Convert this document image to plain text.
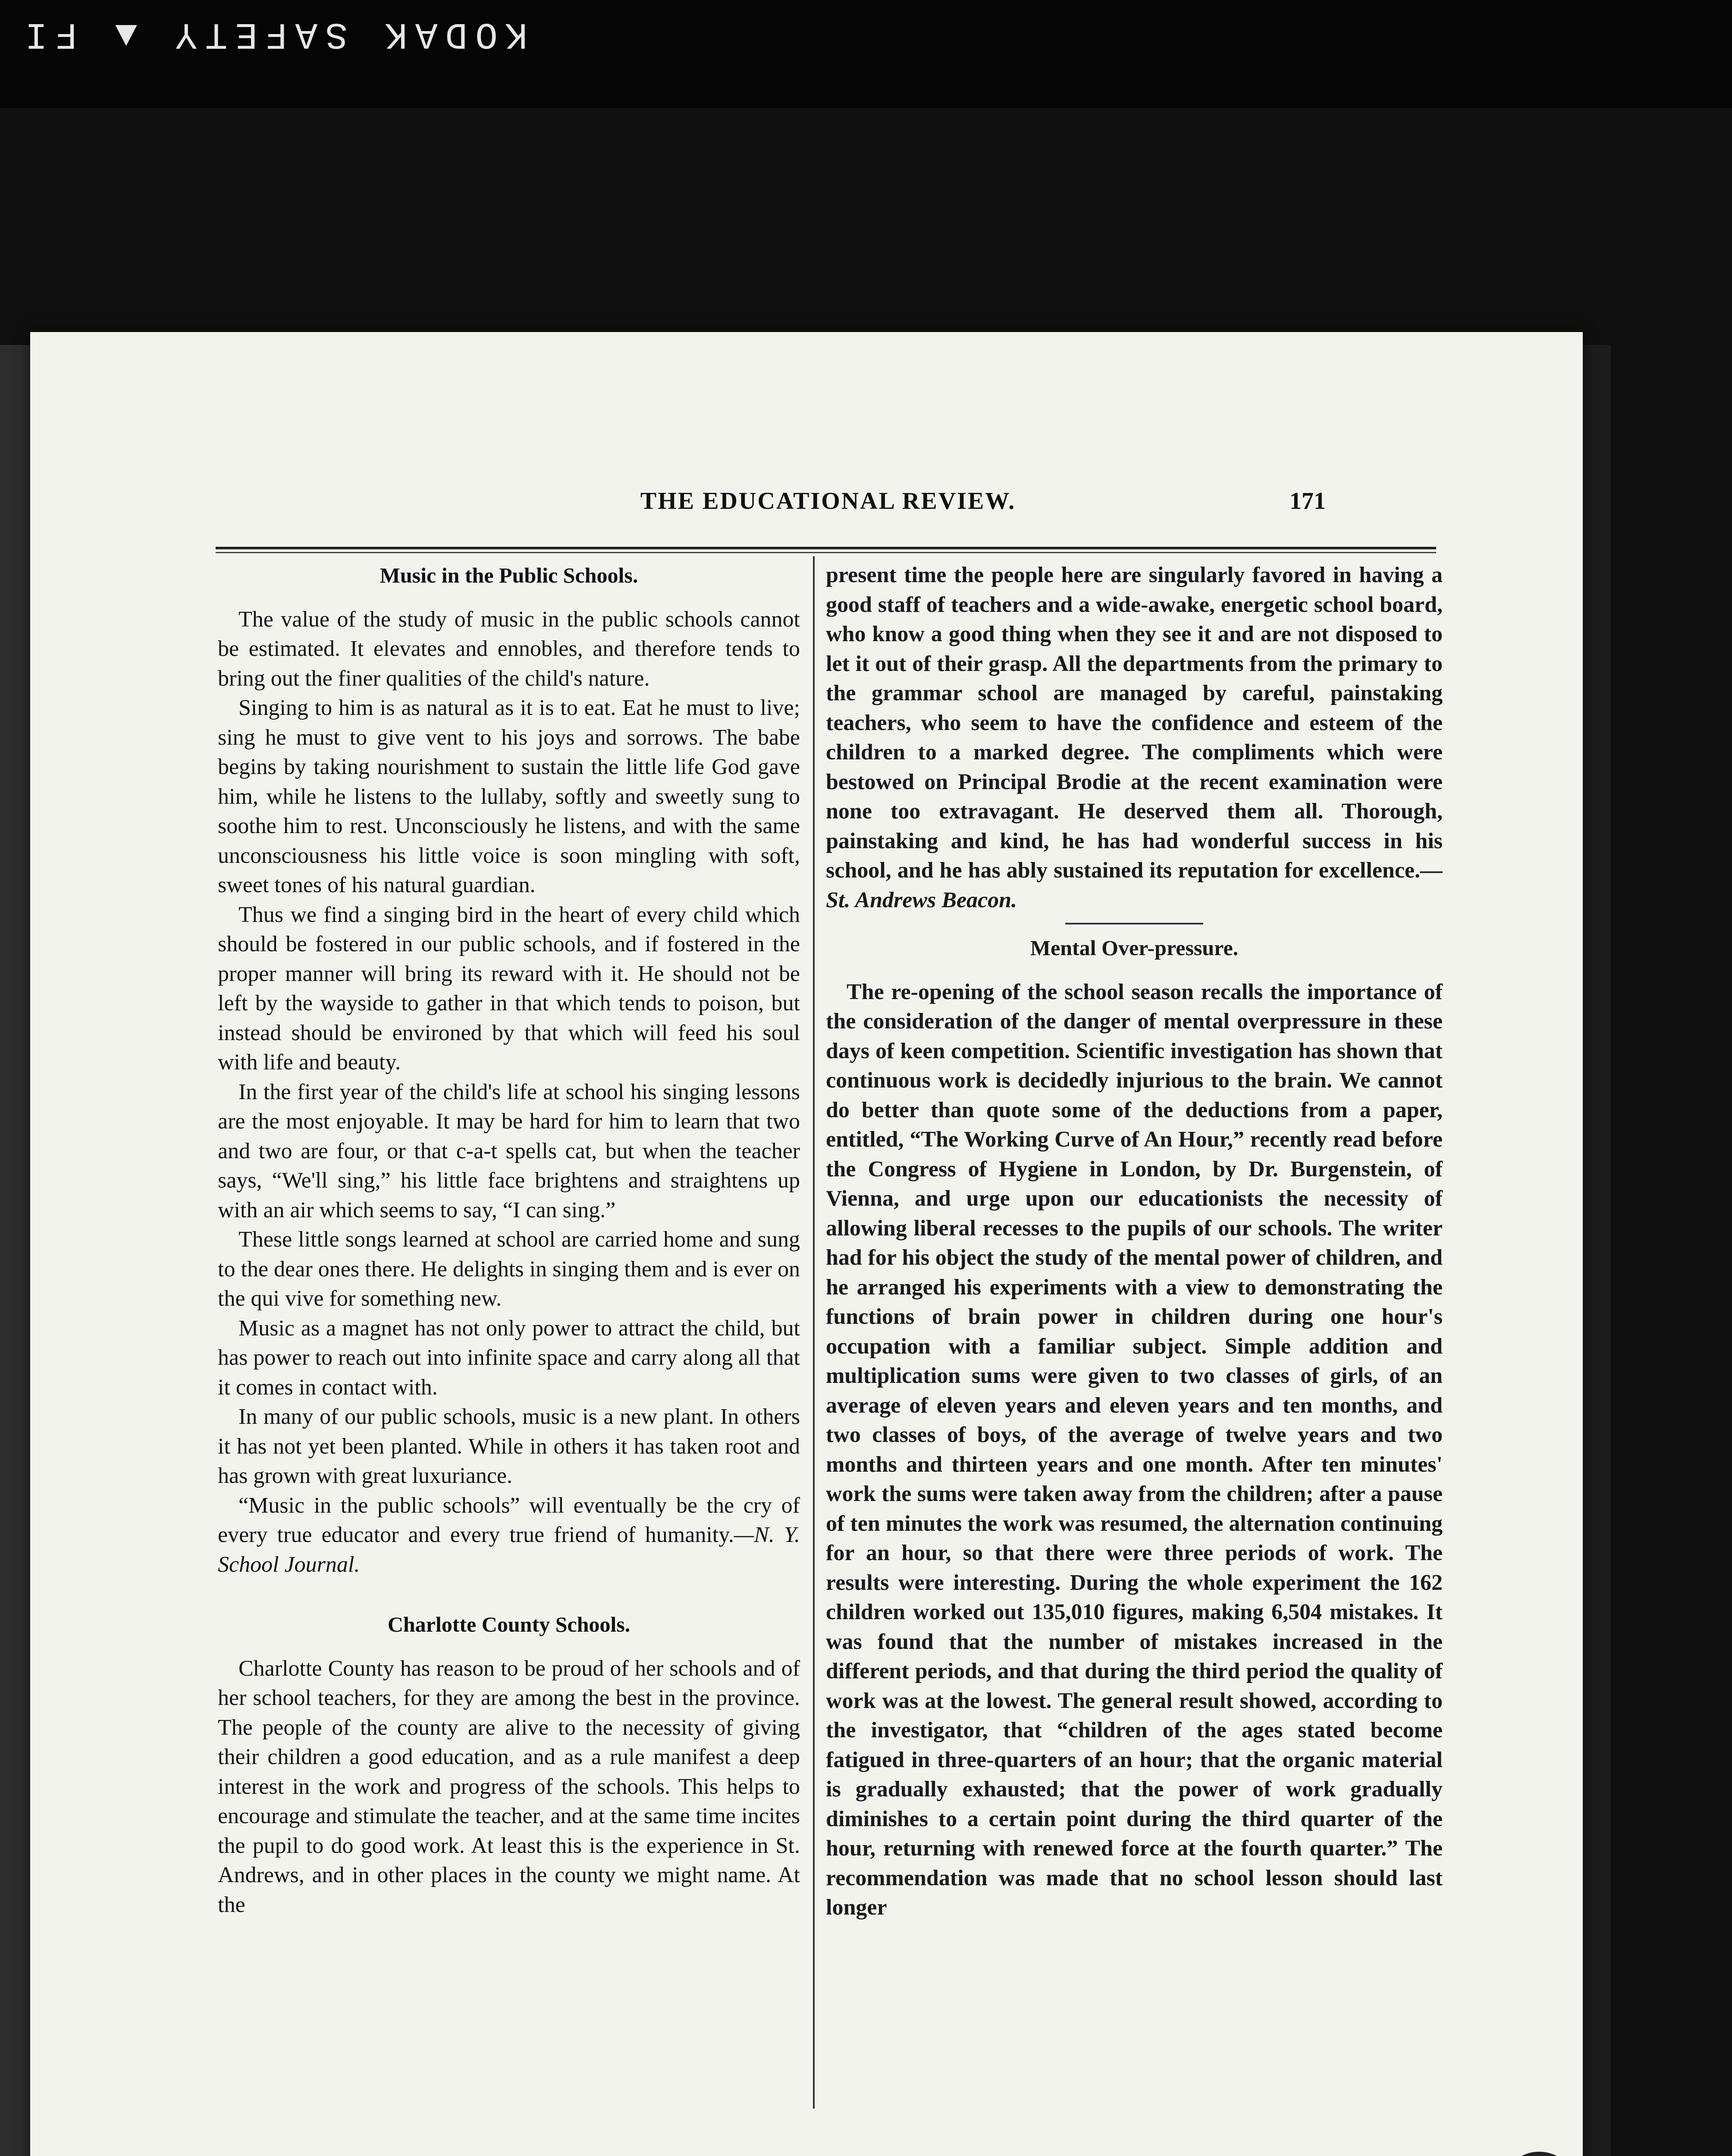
KODAK SAFETY ▲ FI
THE EDUCATIONAL REVIEW.	171
Music in the Public Schools.

The value of the study of music in the public schools cannot be estimated. It elevates and ennobles, and therefore tends to bring out the finer qualities of the child's nature.

Singing to him is as natural as it is to eat. Eat he must to live; sing he must to give vent to his joys and sorrows. The babe begins by taking nourishment to sustain the little life God gave him, while he listens to the lullaby, softly and sweetly sung to soothe him to rest. Unconsciously he listens, and with the same unconsciousness his little voice is soon mingling with soft, sweet tones of his natural guardian.

Thus we find a singing bird in the heart of every child which should be fostered in our public schools, and if fostered in the proper manner will bring its reward with it. He should not be left by the wayside to gather in that which tends to poison, but instead should be environed by that which will feed his soul with life and beauty.

In the first year of the child's life at school his singing lessons are the most enjoyable. It may be hard for him to learn that two and two are four, or that c-a-t spells cat, but when the teacher says, “We'll sing,” his little face brightens and straightens up with an air which seems to say, “I can sing.”

These little songs learned at school are carried home and sung to the dear ones there. He delights in singing them and is ever on the qui vive for something new.

Music as a magnet has not only power to attract the child, but has power to reach out into infinite space and carry along all that it comes in contact with.

In many of our public schools, music is a new plant. In others it has not yet been planted. While in others it has taken root and has grown with great luxuriance.

“Music in the public schools” will eventually be the cry of every true educator and every true friend of humanity.—N. Y. School Journal.

Charlotte County Schools.

Charlotte County has reason to be proud of her schools and of her school teachers, for they are among the best in the province. The people of the county are alive to the necessity of giving their children a good education, and as a rule manifest a deep interest in the work and progress of the schools. This helps to encourage and stimulate the teacher, and at the same time incites the pupil to do good work. At least this is the experience in St. Andrews, and in other places in the county we might name. At the

present time the people here are singularly favored in having a good staff of teachers and a wide-awake, energetic school board, who know a good thing when they see it and are not disposed to let it out of their grasp. All the departments from the primary to the grammar school are managed by careful, painstaking teachers, who seem to have the confidence and esteem of the children to a marked degree. The compliments which were bestowed on Principal Brodie at the recent examination were none too extravagant. He deserved them all. Thorough, painstaking and kind, he has had wonderful success in his school, and he has ably sustained its reputation for excellence.—St. Andrews Beacon.

Mental Over-pressure.

The re-opening of the school season recalls the importance of the consideration of the danger of mental overpressure in these days of keen competition. Scientific investigation has shown that continuous work is decidedly injurious to the brain. We cannot do better than quote some of the deductions from a paper, entitled, “The Working Curve of An Hour,” recently read before the Congress of Hygiene in London, by Dr. Burgenstein, of Vienna, and urge upon our educationists the necessity of allowing liberal recesses to the pupils of our schools. The writer had for his object the study of the mental power of children, and he arranged his experiments with a view to demonstrating the functions of brain power in children during one hour's occupation with a familiar subject. Simple addition and multiplication sums were given to two classes of girls, of an average of eleven years and eleven years and ten months, and two classes of boys, of the average of twelve years and two months and thirteen years and one month. After ten minutes' work the sums were taken away from the children; after a pause of ten minutes the work was resumed, the alternation continuing for an hour, so that there were three periods of work. The results were interesting. During the whole experiment the 162 children worked out 135,010 figures, making 6,504 mistakes. It was found that the number of mistakes increased in the different periods, and that during the third period the quality of work was at the lowest. The general result showed, according to the investigator, that “children of the ages stated become fatigued in three-quarters of an hour; that the organic material is gradually exhausted; that the power of work gradually diminishes to a certain point during the third quarter of the hour, returning with renewed force at the fourth quarter.” The recommendation was made that no school lesson should last longer
